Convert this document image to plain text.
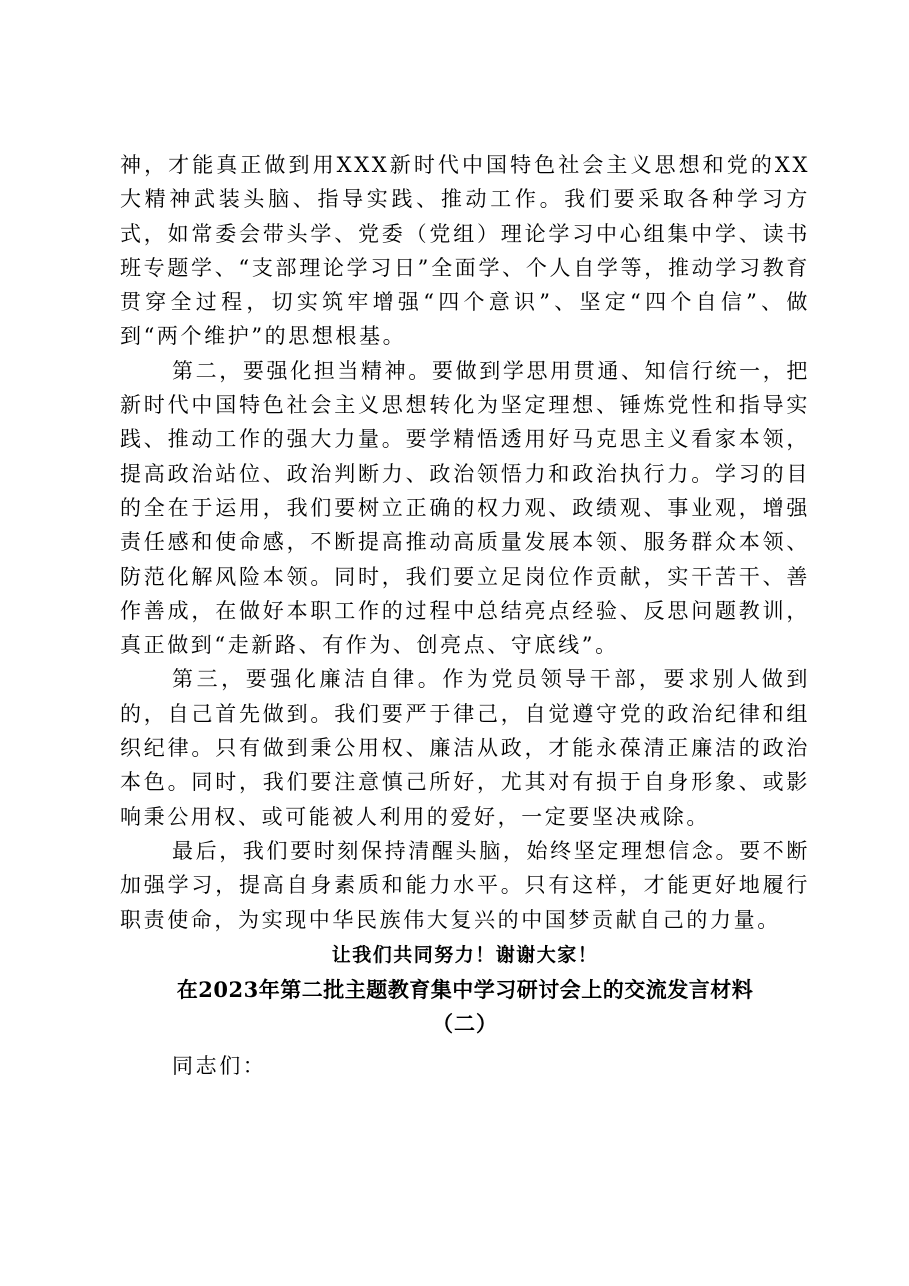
神，才能真正做到用XXX新时代中国特色社会主义思想和党的XX大精神武装头脑、指导实践、推动工作。我们要采取各种学习方式，如常委会带头学、党委（党组）理论学习中心组集中学、读书班专题学、“支部理论学习日”全面学、个人自学等，推动学习教育贯穿全过程，切实筑牢增强“四个意识”、坚定“四个自信”、做到“两个维护”的思想根基。

第二，要强化担当精神。要做到学思用贯通、知信行统一，把新时代中国特色社会主义思想转化为坚定理想、锤炼党性和指导实践、推动工作的强大力量。要学精悟透用好马克思主义看家本领，提高政治站位、政治判断力、政治领悟力和政治执行力。学习的目的全在于运用，我们要树立正确的权力观、政绩观、事业观，增强责任感和使命感，不断提高推动高质量发展本领、服务群众本领、防范化解风险本领。同时，我们要立足岗位作贡献，实干苦干、善作善成，在做好本职工作的过程中总结亮点经验、反思问题教训，真正做到“走新路、有作为、创亮点、守底线”。

第三，要强化廉洁自律。作为党员领导干部，要求别人做到的，自己首先做到。我们要严于律己，自觉遵守党的政治纪律和组织纪律。只有做到秉公用权、廉洁从政，才能永葆清正廉洁的政治本色。同时，我们要注意慎己所好，尤其对有损于自身形象、或影响秉公用权、或可能被人利用的爱好，一定要坚决戒除。

最后，我们要时刻保持清醒头脑，始终坚定理想信念。要不断加强学习，提高自身素质和能力水平。只有这样，才能更好地履行职责使命，为实现中华民族伟大复兴的中国梦贡献自己的力量。

让我们共同努力！谢谢大家！

在2023年第二批主题教育集中学习研讨会上的交流发言材料

（二）

同志们：
